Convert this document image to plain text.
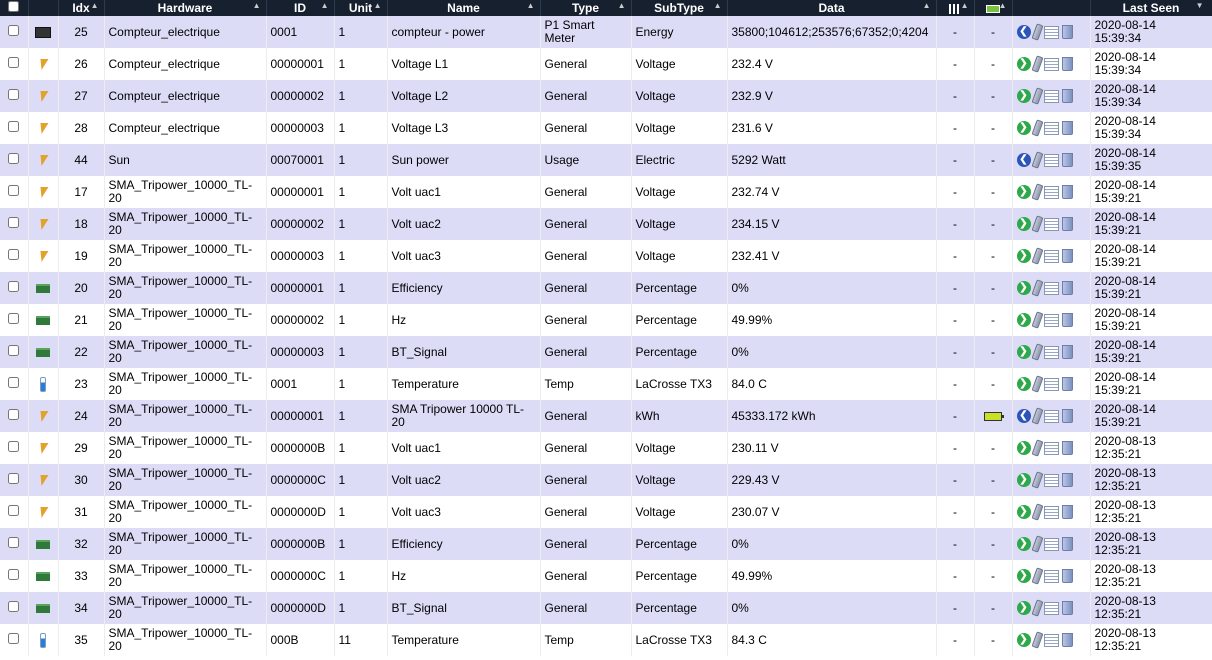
		Idx ▲	Hardware ▲	ID ▲	Unit ▲	Name ▲	Type ▲	SubType ▲	Data ▲	▲	▲		Last Seen ▼

		25	Compteur_electrique	0001	1	compteur - power	P1 Smart Meter	Energy	35800;104612;253576;67352;0;4204	-	-	❮	2020-08-14
15:39:34
		26	Compteur_electrique	00000001	1	Voltage L1	General	Voltage	232.4 V	-	-	❯	2020-08-14
15:39:34
		27	Compteur_electrique	00000002	1	Voltage L2	General	Voltage	232.9 V	-	-	❯	2020-08-14
15:39:34
		28	Compteur_electrique	00000003	1	Voltage L3	General	Voltage	231.6 V	-	-	❯	2020-08-14
15:39:34
		44	Sun	00070001	1	Sun power	Usage	Electric	5292 Watt	-	-	❮	2020-08-14
15:39:35
		17	SMA_Tripower_10000_TL-20	00000001	1	Volt uac1	General	Voltage	232.74 V	-	-	❯	2020-08-14
15:39:21
		18	SMA_Tripower_10000_TL-20	00000002	1	Volt uac2	General	Voltage	234.15 V	-	-	❯	2020-08-14
15:39:21
		19	SMA_Tripower_10000_TL-20	00000003	1	Volt uac3	General	Voltage	232.41 V	-	-	❯	2020-08-14
15:39:21
		20	SMA_Tripower_10000_TL-20	00000001	1	Efficiency	General	Percentage	0%	-	-	❯	2020-08-14
15:39:21
		21	SMA_Tripower_10000_TL-20	00000002	1	Hz	General	Percentage	49.99%	-	-	❯	2020-08-14
15:39:21
		22	SMA_Tripower_10000_TL-20	00000003	1	BT_Signal	General	Percentage	0%	-	-	❯	2020-08-14
15:39:21
		23	SMA_Tripower_10000_TL-20	0001	1	Temperature	Temp	LaCrosse TX3	84.0 C	-	-	❯	2020-08-14
15:39:21
		24	SMA_Tripower_10000_TL-20	00000001	1	SMA Tripower 10000 TL-20	General	kWh	45333.172 kWh	-		❮	2020-08-14
15:39:21
		29	SMA_Tripower_10000_TL-20	0000000B	1	Volt uac1	General	Voltage	230.11 V	-	-	❯	2020-08-13
12:35:21
		30	SMA_Tripower_10000_TL-20	0000000C	1	Volt uac2	General	Voltage	229.43 V	-	-	❯	2020-08-13
12:35:21
		31	SMA_Tripower_10000_TL-20	0000000D	1	Volt uac3	General	Voltage	230.07 V	-	-	❯	2020-08-13
12:35:21
		32	SMA_Tripower_10000_TL-20	0000000B	1	Efficiency	General	Percentage	0%	-	-	❯	2020-08-13
12:35:21
		33	SMA_Tripower_10000_TL-20	0000000C	1	Hz	General	Percentage	49.99%	-	-	❯	2020-08-13
12:35:21
		34	SMA_Tripower_10000_TL-20	0000000D	1	BT_Signal	General	Percentage	0%	-	-	❯	2020-08-13
12:35:21
		35	SMA_Tripower_10000_TL-20	000B	11	Temperature	Temp	LaCrosse TX3	84.3 C	-	-	❯	2020-08-13
12:35:21
